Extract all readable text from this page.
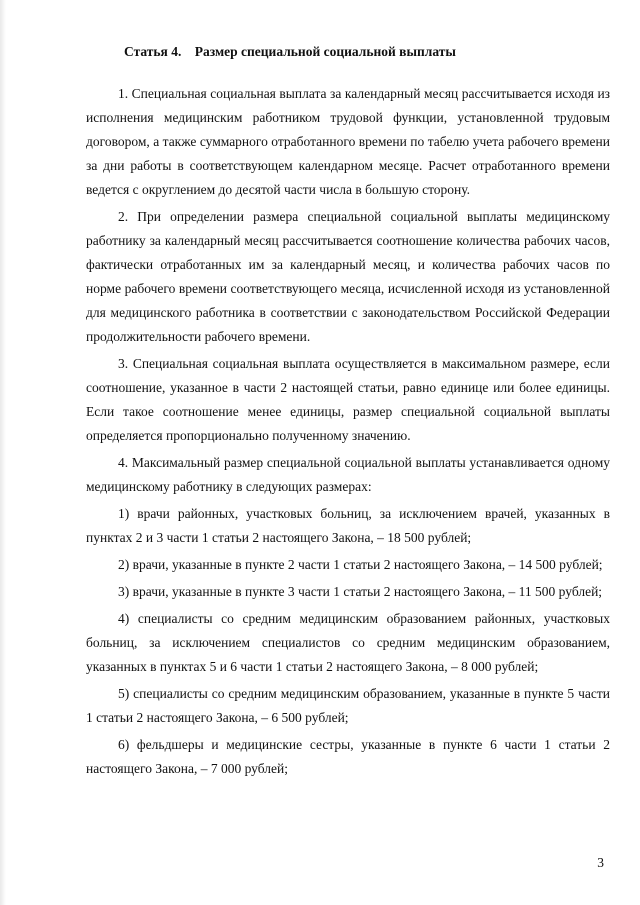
Статья 4. Размер специальной социальной выплаты

1. Специальная социальная выплата за календарный месяц рассчитывается исходя из исполнения медицинским работником трудовой функции, установленной трудовым договором, а также суммарного отработанного времени по табелю учета рабочего времени за дни работы в соответствующем календарном месяце. Расчет отработанного времени ведется с округлением до десятой части числа в большую сторону.

2. При определении размера специальной социальной выплаты медицинскому работнику за календарный месяц рассчитывается соотношение количества рабочих часов, фактически отработанных им за календарный месяц, и количества рабочих часов по норме рабочего времени соответствующего месяца, исчисленной исходя из установленной для медицинского работника в соответствии с законодательством Российской Федерации продолжительности рабочего времени.

3. Специальная социальная выплата осуществляется в максимальном размере, если соотношение, указанное в части 2 настоящей статьи, равно единице или более единицы. Если такое соотношение менее единицы, размер специальной социальной выплаты определяется пропорционально полученному значению.

4. Максимальный размер специальной социальной выплаты устанавливается одному медицинскому работнику в следующих размерах:

1) врачи районных, участковых больниц, за исключением врачей, указанных в пунктах 2 и 3 части 1 статьи 2 настоящего Закона, – 18 500 рублей;

2) врачи, указанные в пункте 2 части 1 статьи 2 настоящего Закона, – 14 500 рублей;

3) врачи, указанные в пункте 3 части 1 статьи 2 настоящего Закона, – 11 500 рублей;

4) специалисты со средним медицинским образованием районных, участковых больниц, за исключением специалистов со средним медицинским образованием, указанных в пунктах 5 и 6 части 1 статьи 2 настоящего Закона, – 8 000 рублей;

5) специалисты со средним медицинским образованием, указанные в пункте 5 части 1 статьи 2 настоящего Закона, – 6 500 рублей;

6) фельдшеры и медицинские сестры, указанные в пункте 6 части 1 статьи 2 настоящего Закона, – 7 000 рублей;

3
